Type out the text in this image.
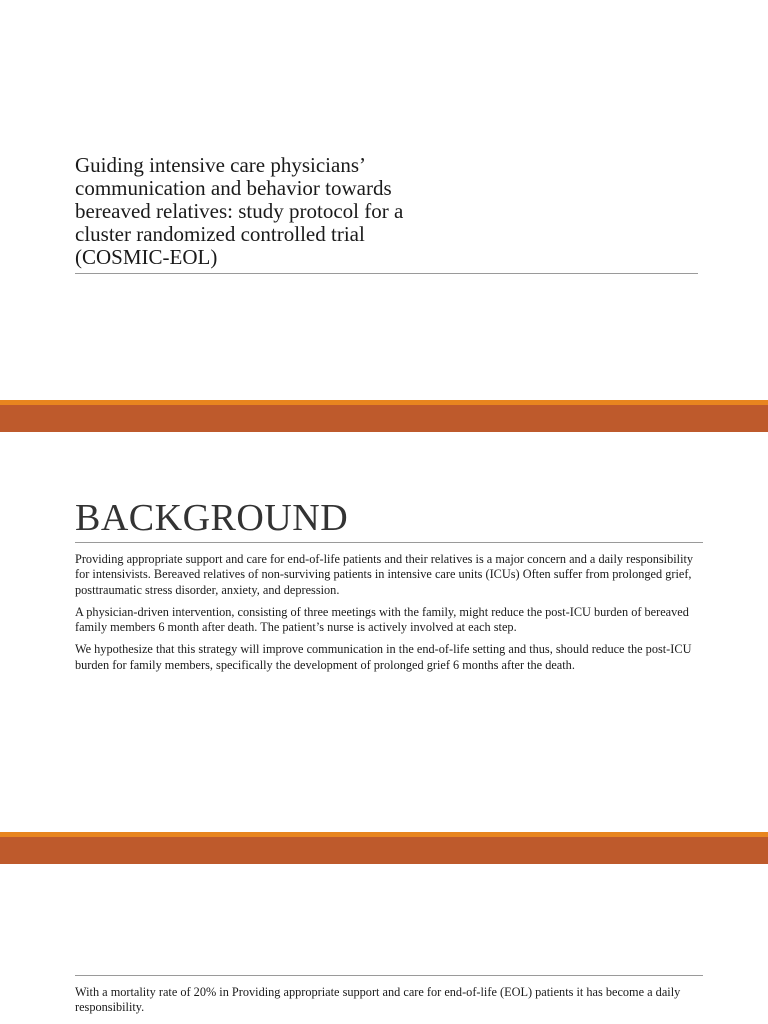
Guiding intensive care physicians’ communication and behavior towards bereaved relatives: study protocol for a cluster randomized controlled trial (COSMIC-EOL)
BACKGROUND

Providing appropriate support and care for end-of-life patients and their relatives is a major concern and a daily responsibility for intensivists. Bereaved relatives of non-surviving patients in intensive care units (ICUs) Often suffer from prolonged grief, posttraumatic stress disorder, anxiety, and depression.

A physician-driven intervention, consisting of three meetings with the family, might reduce the post-ICU burden of bereaved family members 6 month after death. The patient’s nurse is actively involved at each step.

We hypothesize that this strategy will improve communication in the end-of-life setting and thus, should reduce the post-ICU burden for family members, specifically the development of prolonged grief 6 months after the death.

With a mortality rate of 20% in Providing appropriate support and care for end-of-life (EOL) patients it has become a daily responsibility.
